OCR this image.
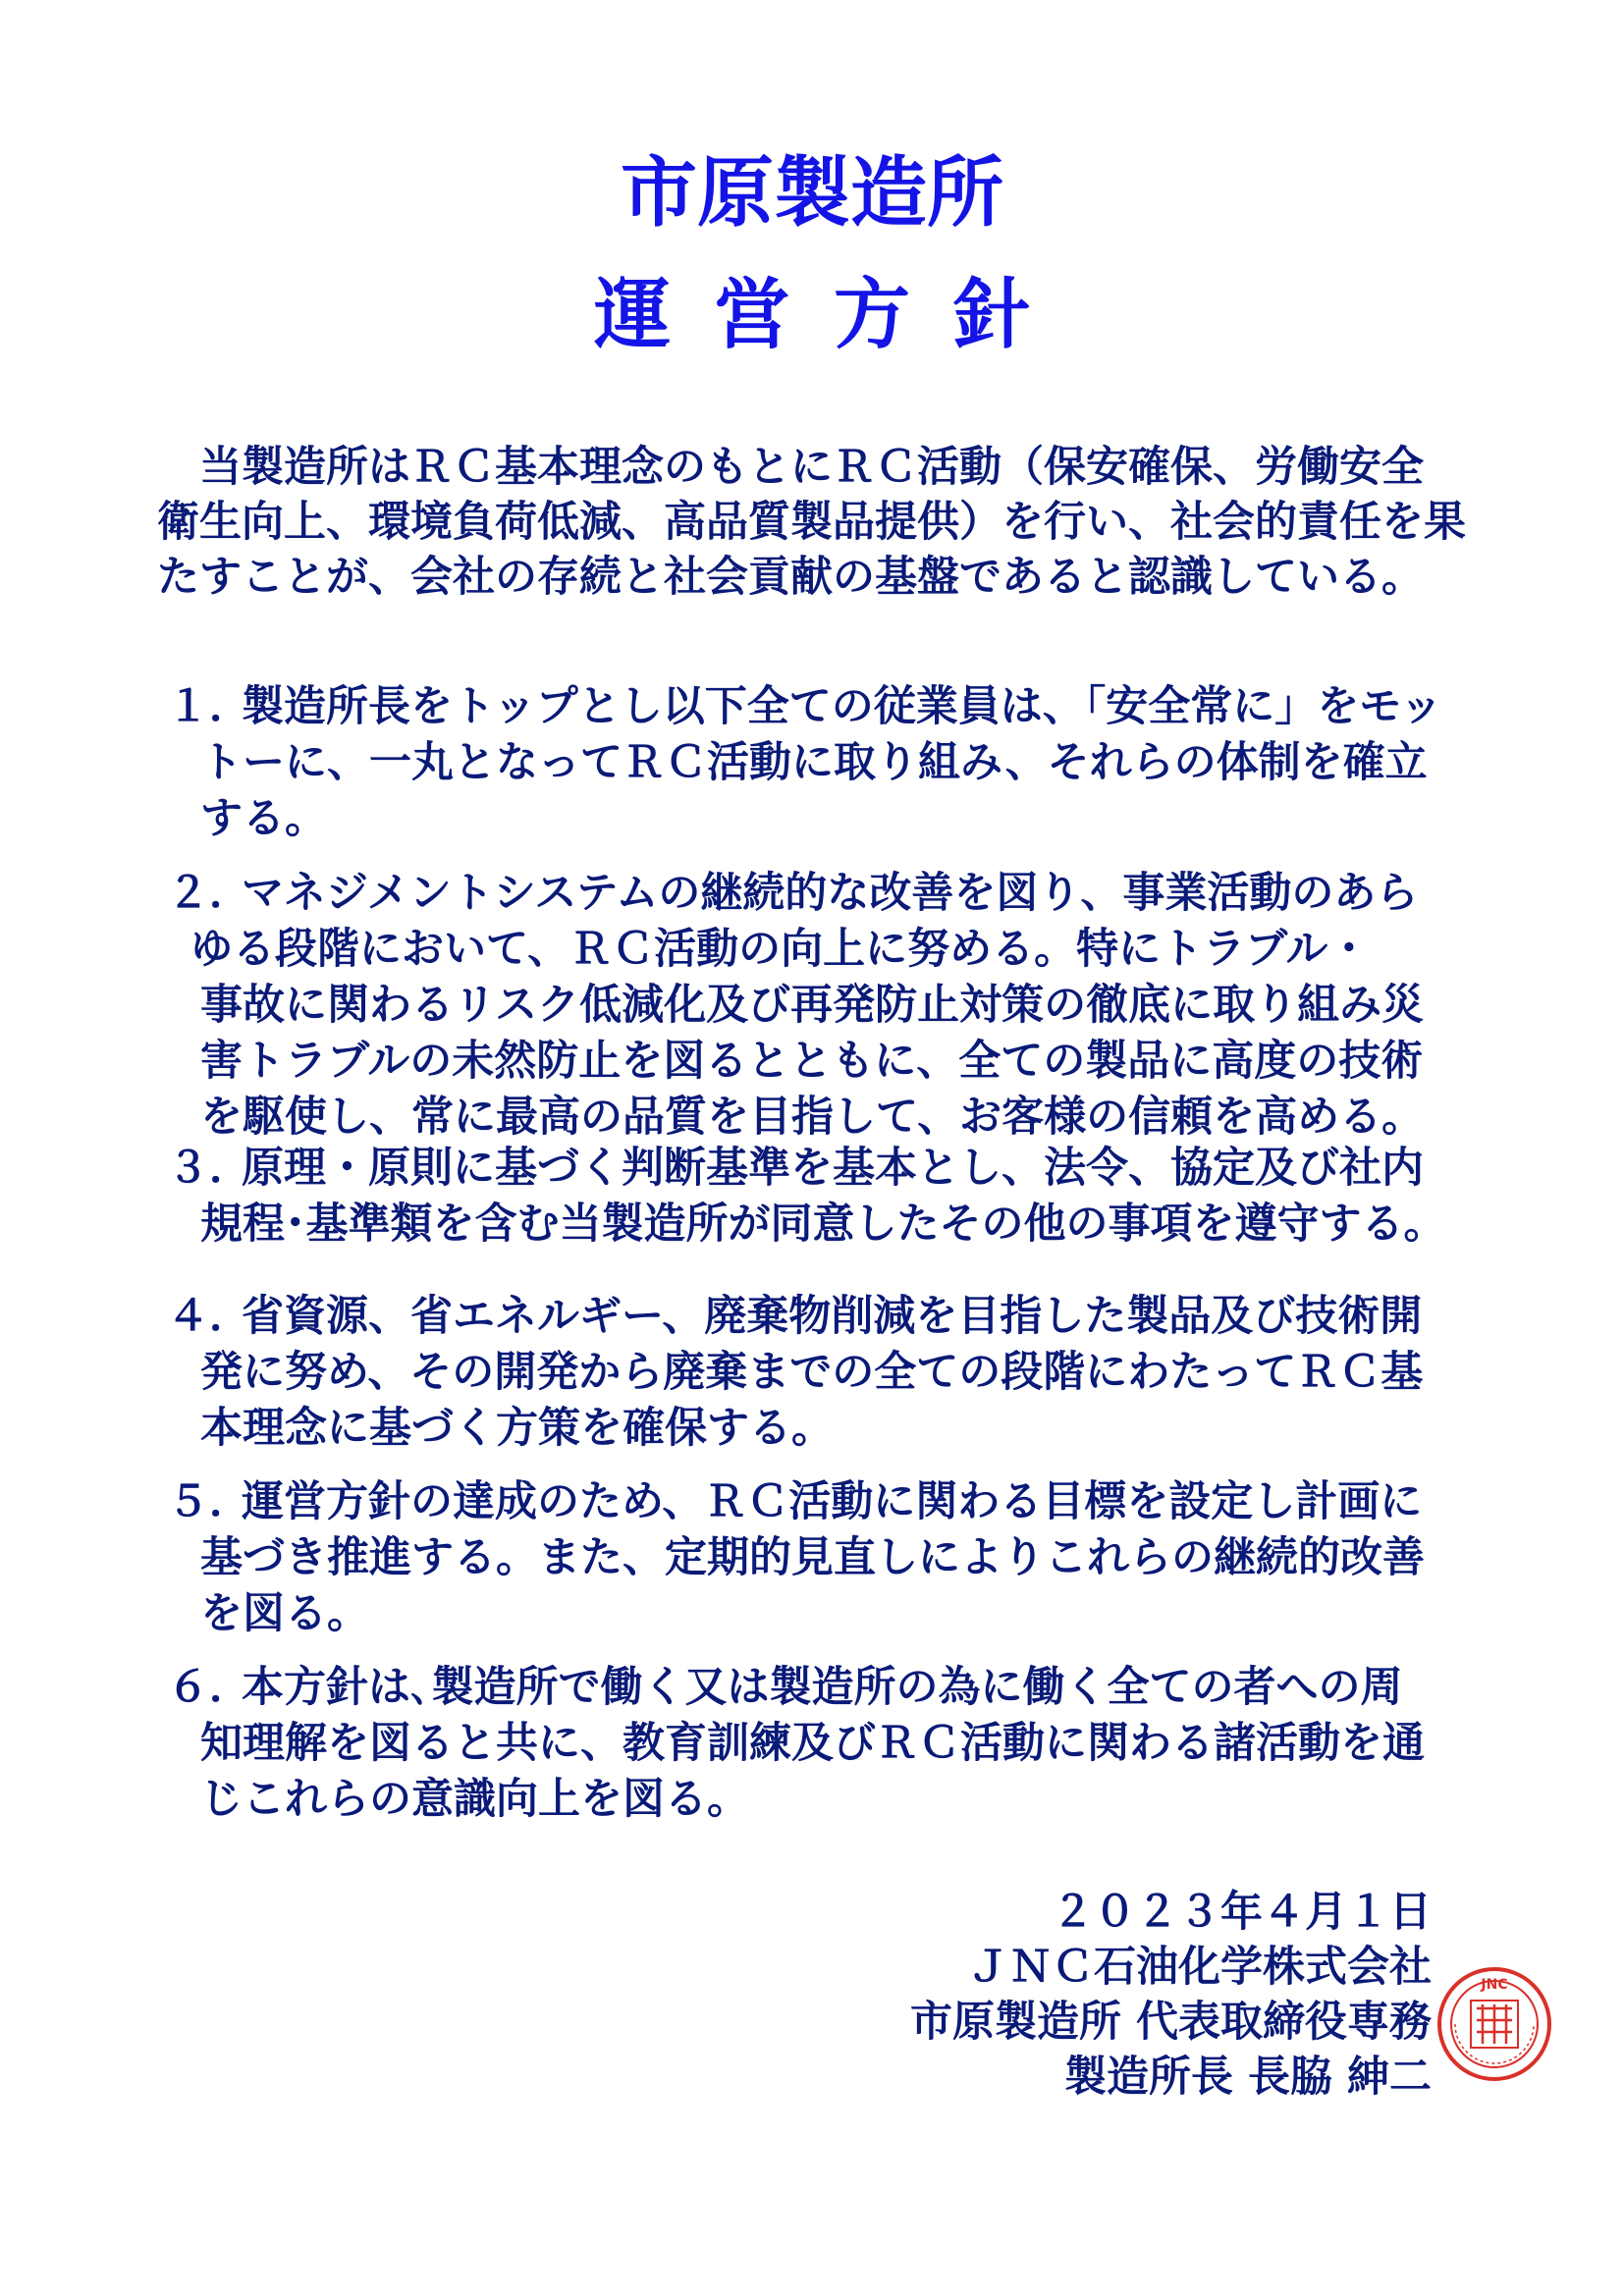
市原製造所
運営方針
当製造所はＲＣ基本理念のもとにＲＣ活動（保安確保、労働安全
衛生向上、環境負荷低減、高品質製品提供）を行い、社会的責任を果
たすことが、会社の存続と社会貢献の基盤であると認識している。
１．製造所長をトップとし以下全ての従業員は、「安全常に」をモッ
トーに、一丸となってＲＣ活動に取り組み、それらの体制を確立
する。
２．マネジメントシステムの継続的な改善を図り、事業活動のあら
ゆる段階において、ＲＣ活動の向上に努める。特にトラブル・
事故に関わるリスク低減化及び再発防止対策の徹底に取り組み災
害トラブルの未然防止を図るとともに、全ての製品に高度の技術
を駆使し、常に最高の品質を目指して、お客様の信頼を高める。
３．原理・原則に基づく判断基準を基本とし、法令、協定及び社内
規程･基準類を含む当製造所が同意したその他の事項を遵守する。
４．省資源、省エネルギー、廃棄物削減を目指した製品及び技術開
発に努め、その開発から廃棄までの全ての段階にわたってＲＣ基
本理念に基づく方策を確保する。
５．運営方針の達成のため、ＲＣ活動に関わる目標を設定し計画に
基づき推進する。また、定期的見直しによりこれらの継続的改善
を図る。
６．本方針は､製造所で働く又は製造所の為に働く全ての者への周
知理解を図ると共に、教育訓練及びＲＣ活動に関わる諸活動を通
じこれらの意識向上を図る。
２０２３年４月１日
ＪＮＣ石油化学株式会社
市原製造所 代表取締役専務
製造所長 長脇 紳二
JNC
